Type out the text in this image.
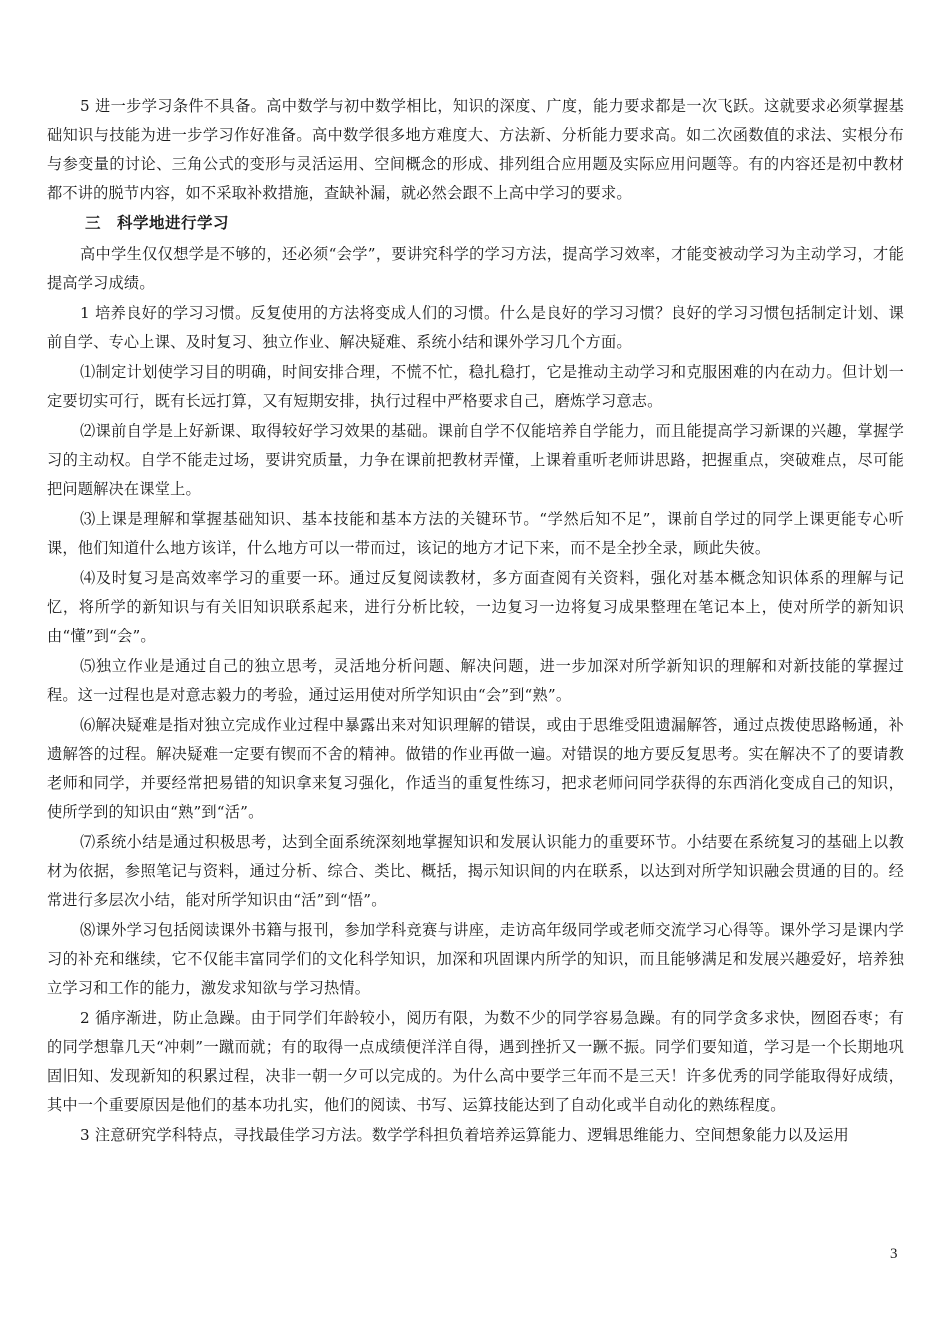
5 进一步学习条件不具备。高中数学与初中数学相比，知识的深度、广度，能力要求都是一次飞跃。这就要求必须掌握基础知识与技能为进一步学习作好准备。高中数学很多地方难度大、方法新、分析能力要求高。如二次函数值的求法、实根分布与参变量的讨论、三角公式的变形与灵活运用、空间概念的形成、排列组合应用题及实际应用问题等。有的内容还是初中教材都不讲的脱节内容，如不采取补救措施，查缺补漏，就必然会跟不上高中学习的要求。

三　科学地进行学习

高中学生仅仅想学是不够的，还必须“会学”，要讲究科学的学习方法，提高学习效率，才能变被动学习为主动学习，才能提高学习成绩。

1 培养良好的学习习惯。反复使用的方法将变成人们的习惯。什么是良好的学习习惯？良好的学习习惯包括制定计划、课前自学、专心上课、及时复习、独立作业、解决疑难、系统小结和课外学习几个方面。

⑴制定计划使学习目的明确，时间安排合理，不慌不忙，稳扎稳打，它是推动主动学习和克服困难的内在动力。但计划一定要切实可行，既有长远打算，又有短期安排，执行过程中严格要求自己，磨炼学习意志。

⑵课前自学是上好新课、取得较好学习效果的基础。课前自学不仅能培养自学能力，而且能提高学习新课的兴趣，掌握学习的主动权。自学不能走过场，要讲究质量，力争在课前把教材弄懂，上课着重听老师讲思路，把握重点，突破难点，尽可能把问题解决在课堂上。

⑶上课是理解和掌握基础知识、基本技能和基本方法的关键环节。“学然后知不足”，课前自学过的同学上课更能专心听课，他们知道什么地方该详，什么地方可以一带而过，该记的地方才记下来，而不是全抄全录，顾此失彼。

⑷及时复习是高效率学习的重要一环。通过反复阅读教材，多方面查阅有关资料，强化对基本概念知识体系的理解与记忆，将所学的新知识与有关旧知识联系起来，进行分析比较，一边复习一边将复习成果整理在笔记本上，使对所学的新知识由“懂”到“会”。

⑸独立作业是通过自己的独立思考，灵活地分析问题、解决问题，进一步加深对所学新知识的理解和对新技能的掌握过程。这一过程也是对意志毅力的考验，通过运用使对所学知识由“会”到“熟”。

⑹解决疑难是指对独立完成作业过程中暴露出来对知识理解的错误，或由于思维受阻遗漏解答，通过点拨使思路畅通，补遗解答的过程。解决疑难一定要有锲而不舍的精神。做错的作业再做一遍。对错误的地方要反复思考。实在解决不了的要请教老师和同学，并要经常把易错的知识拿来复习强化，作适当的重复性练习，把求老师问同学获得的东西消化变成自己的知识，使所学到的知识由“熟”到“活”。

⑺系统小结是通过积极思考，达到全面系统深刻地掌握知识和发展认识能力的重要环节。小结要在系统复习的基础上以教材为依据，参照笔记与资料，通过分析、综合、类比、概括，揭示知识间的内在联系，以达到对所学知识融会贯通的目的。经常进行多层次小结，能对所学知识由“活”到“悟”。

⑻课外学习包括阅读课外书籍与报刊，参加学科竞赛与讲座，走访高年级同学或老师交流学习心得等。课外学习是课内学习的补充和继续，它不仅能丰富同学们的文化科学知识，加深和巩固课内所学的知识，而且能够满足和发展兴趣爱好，培养独立学习和工作的能力，激发求知欲与学习热情。

2 循序渐进，防止急躁。由于同学们年龄较小，阅历有限，为数不少的同学容易急躁。有的同学贪多求快，囫囵吞枣；有的同学想靠几天“冲刺”一蹴而就；有的取得一点成绩便洋洋自得，遇到挫折又一蹶不振。同学们要知道，学习是一个长期地巩固旧知、发现新知的积累过程，决非一朝一夕可以完成的。为什么高中要学三年而不是三天！许多优秀的同学能取得好成绩，其中一个重要原因是他们的基本功扎实，他们的阅读、书写、运算技能达到了自动化或半自动化的熟练程度。

3 注意研究学科特点，寻找最佳学习方法。数学学科担负着培养运算能力、逻辑思维能力、空间想象能力以及运用

3
